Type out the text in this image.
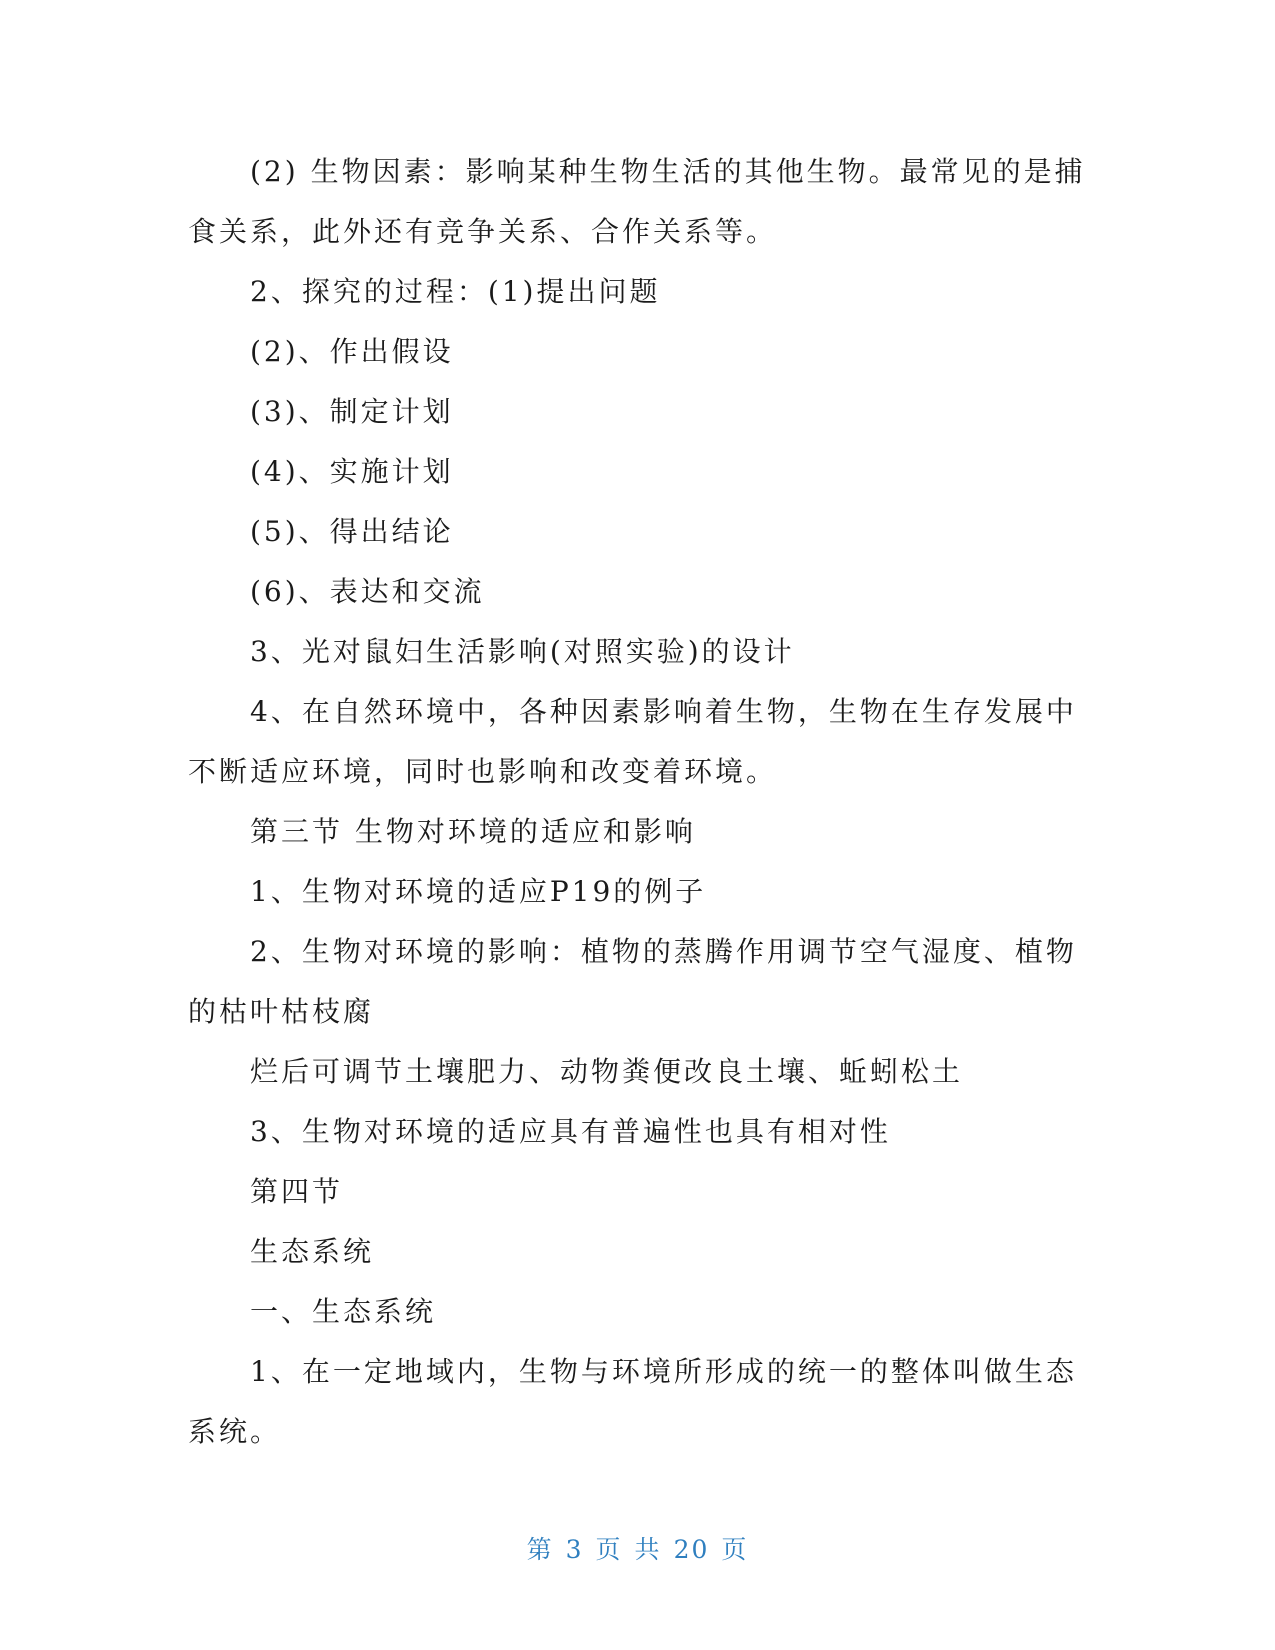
(2) 生物因素：影响某种生物生活的其他生物。最常见的是捕
食关系，此外还有竞争关系、合作关系等。
2、探究的过程：(1)提出问题
(2)、作出假设
(3)、制定计划
(4)、实施计划
(5)、得出结论
(6)、表达和交流
3、光对鼠妇生活影响(对照实验)的设计
4、在自然环境中，各种因素影响着生物，生物在生存发展中
不断适应环境，同时也影响和改变着环境。
第三节 生物对环境的适应和影响
1、生物对环境的适应P19的例子
2、生物对环境的影响：植物的蒸腾作用调节空气湿度、植物
的枯叶枯枝腐
烂后可调节土壤肥力、动物粪便改良土壤、蚯蚓松土
3、生物对环境的适应具有普遍性也具有相对性
第四节
生态系统
一、生态系统
1、在一定地域内，生物与环境所形成的统一的整体叫做生态
系统。
第 3 页 共 20 页
